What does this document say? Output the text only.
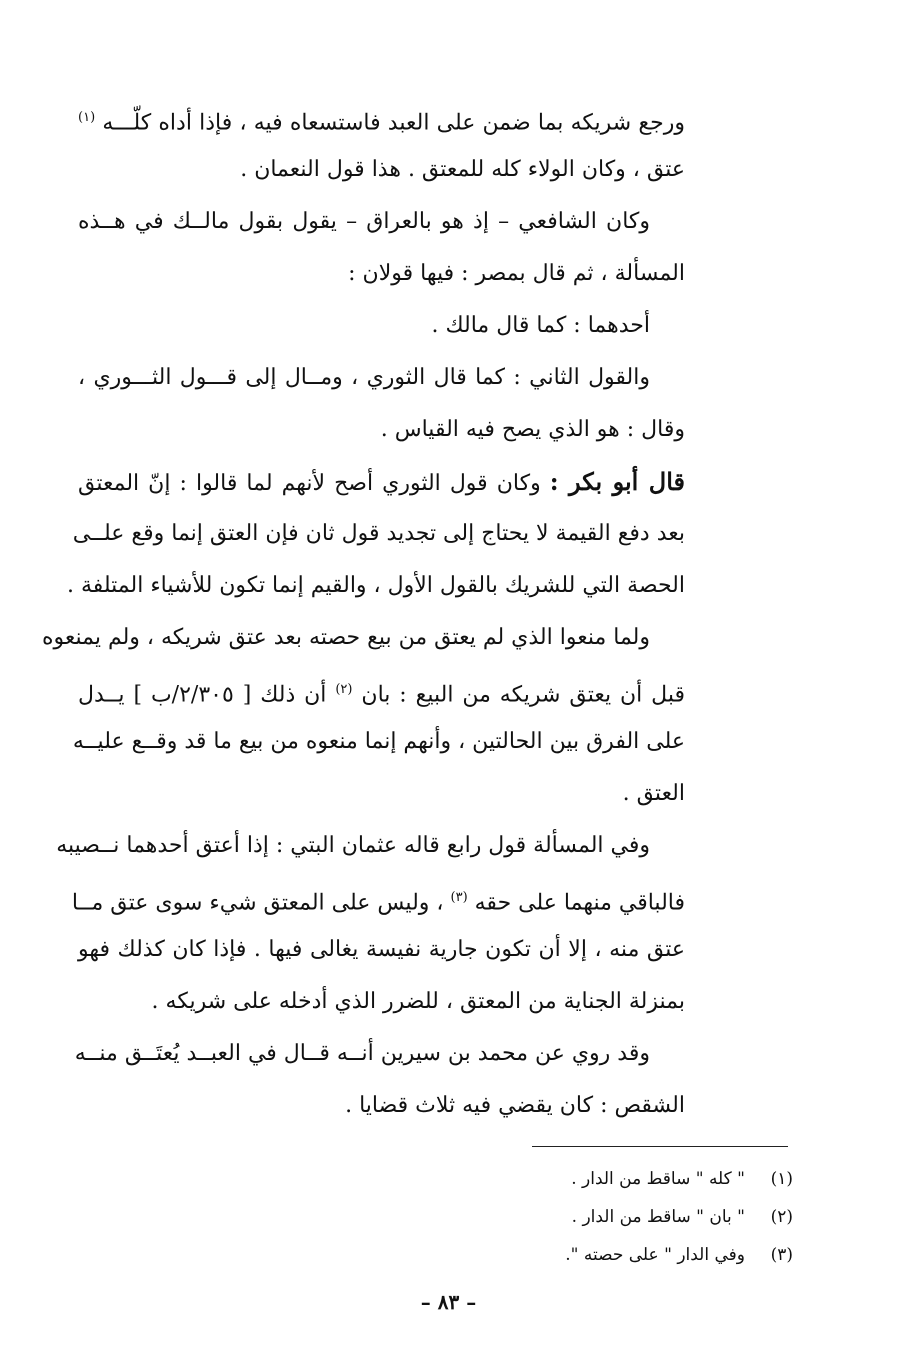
ورجع شريكه بما ضمن على العبد فاستسعاه فيه ، فإذا أداه كلّـــه $^{(١)}$
عتق ، وكان الولاء كله للمعتق . هذا قول النعمان .
وكان الشافعي – إذ هو بالعراق – يقول بقول مالــك في هــذه
المسألة ، ثم قال بمصر : فيها قولان :
أحدهما : كما قال مالك .
والقول الثاني : كما قال الثوري ، ومــال إلى قـــول الثـــوري ،
وقال : هو الذي يصح فيه القياس .
قال أبو بكر : وكان قول الثوري أصح لأنهم لما قالوا : إنّ المعتق
بعد دفع القيمة لا يحتاج إلى تجديد قول ثان فإن العتق إنما وقع علــى
الحصة التي للشريك بالقول الأول ، والقيم إنما تكون للأشياء المتلفة .
ولما منعوا الذي لم يعتق من بيع حصته بعد عتق شريكه ، ولم يمنعوه
قبل أن يعتق شريكه من البيع : بان $^{(٢)}$ أن ذلك [ ٢/٣٠٥/ب ] يــدل
على الفرق بين الحالتين ، وأنهم إنما منعوه من بيع ما قد وقــع عليــه
العتق .
وفي المسألة قول رابع قاله عثمان البتي : إذا أعتق أحدهما نــصيبه
فالباقي منهما على حقه $^{(٣)}$ ، وليس على المعتق شيء سوى عتق مــا
عتق منه ، إلا أن تكون جارية نفيسة يغالى فيها . فإذا كان كذلك فهو
بمنزلة الجناية من المعتق ، للضرر الذي أدخله على شريكه .
وقد روي عن محمد بن سيرين أنــه قــال في العبــد يُعتَــق منــه
الشقص : كان يقضي فيه ثلاث قضايا .
(١)" كله " ساقط من الدار .
(٢)" بان " ساقط من الدار .
(٣)وفي الدار " على حصته ".
– ٨٣ –
